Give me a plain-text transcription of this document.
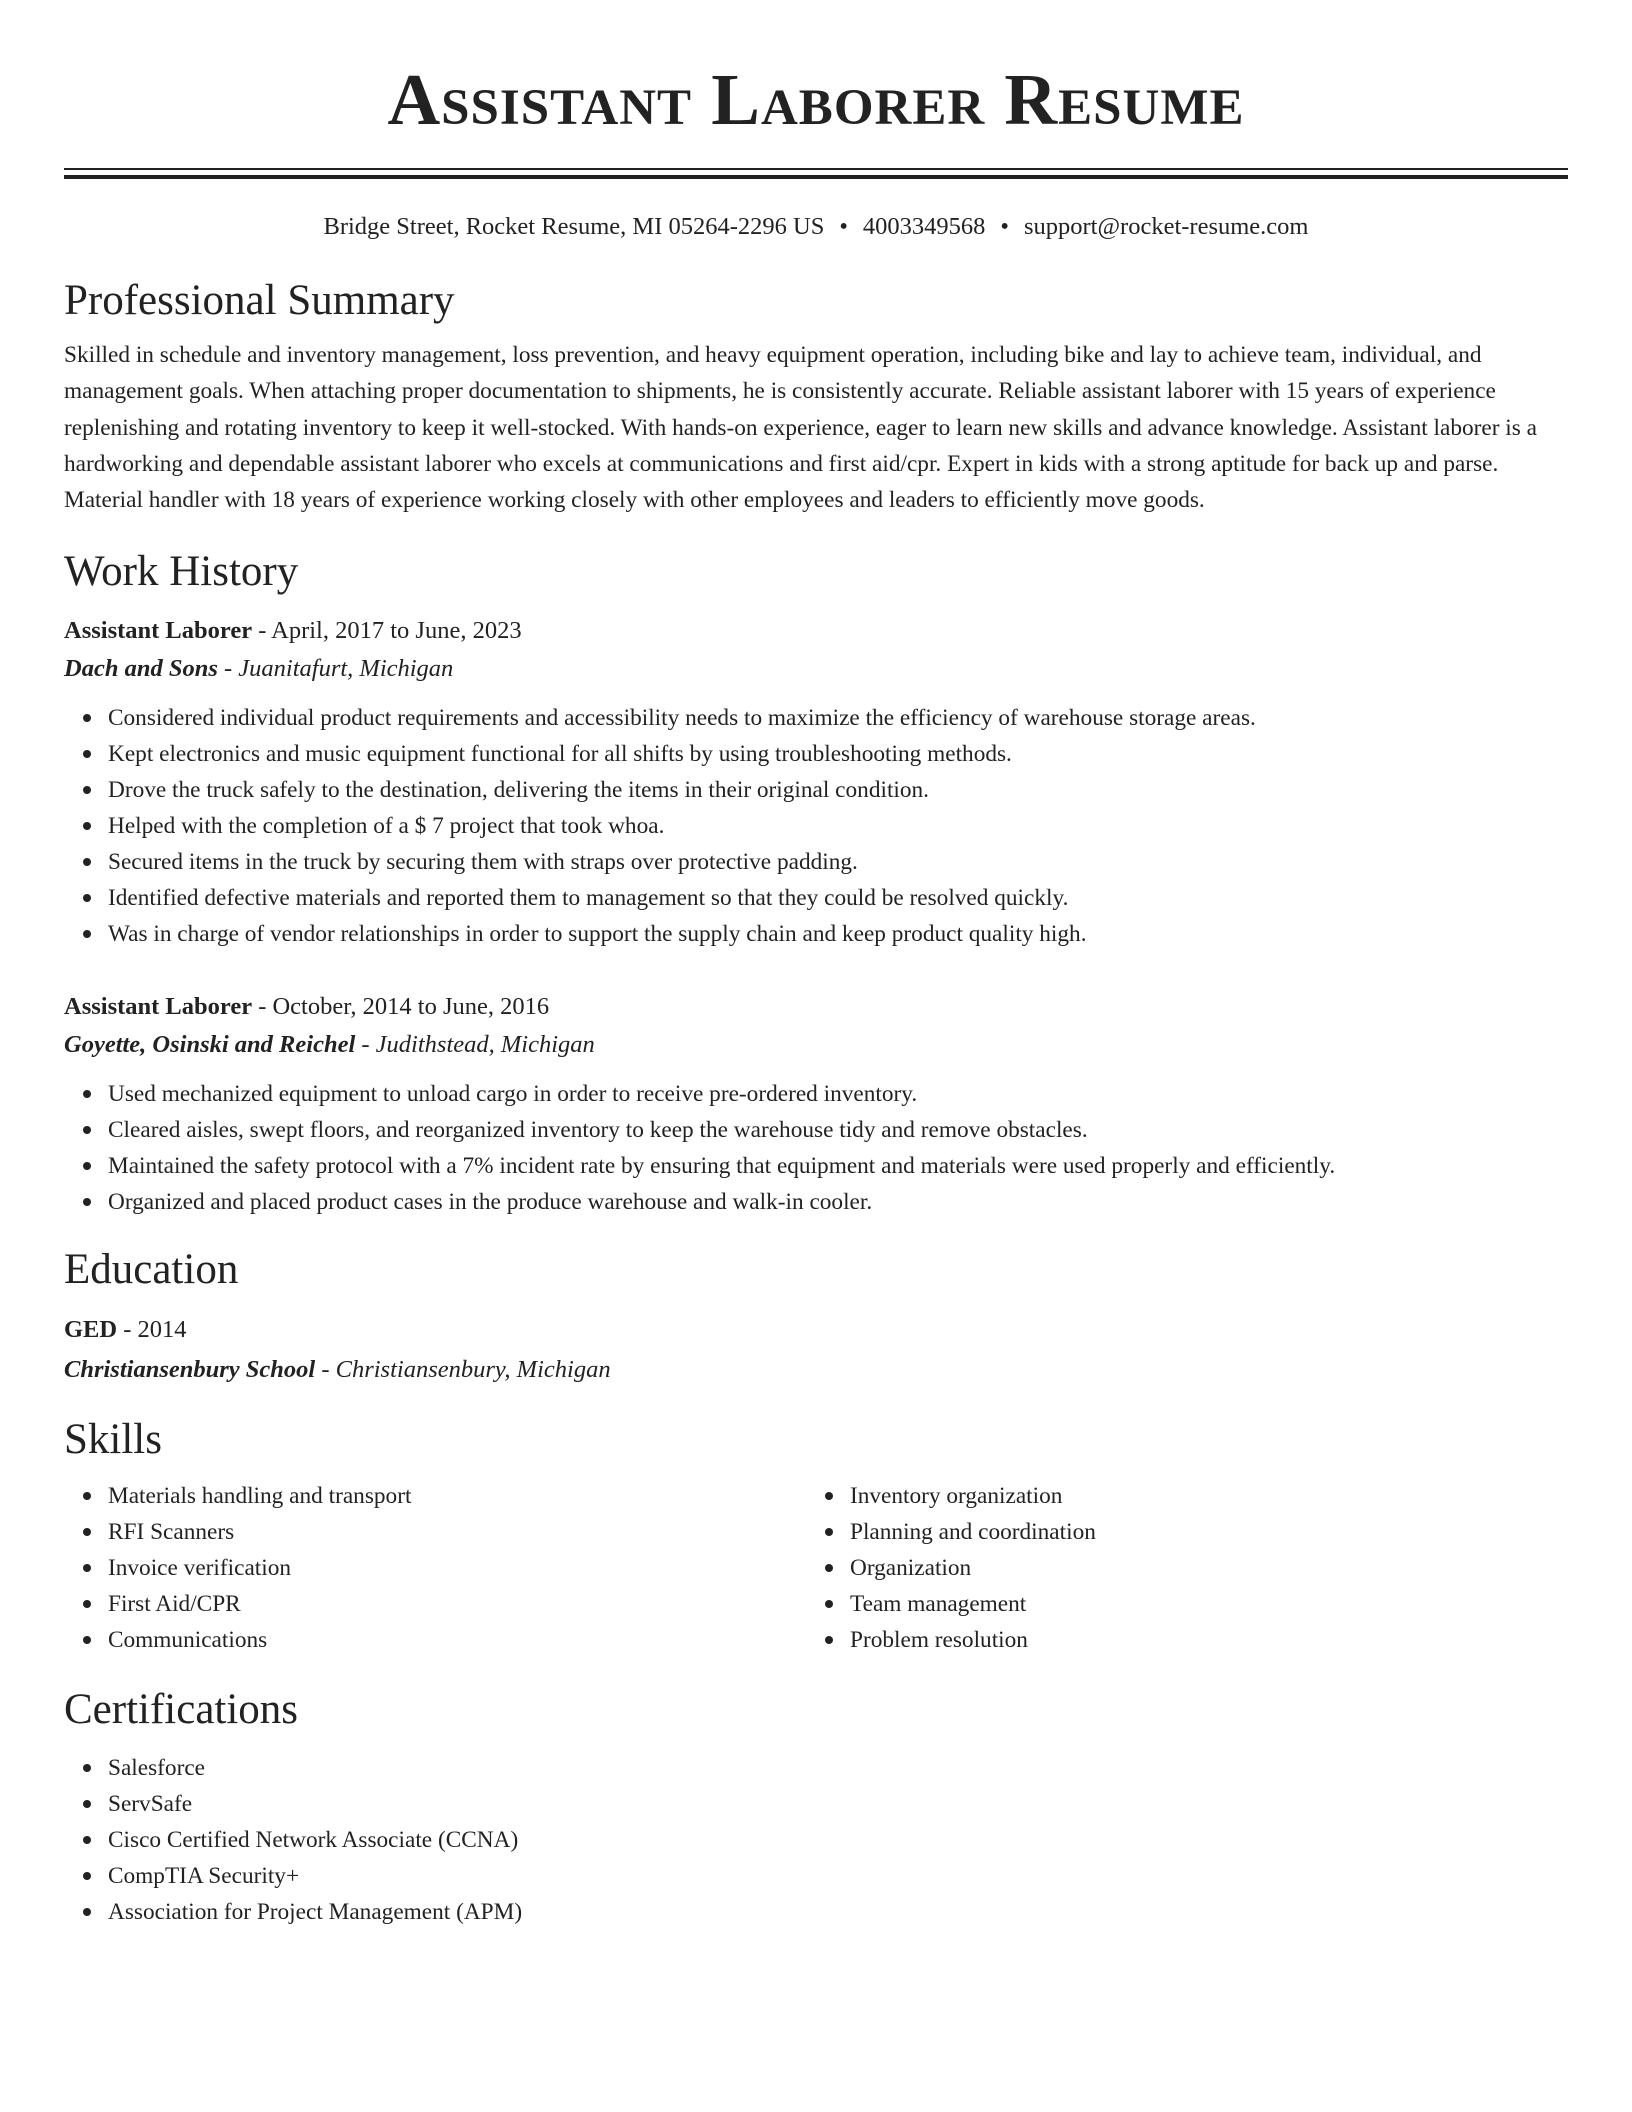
Assistant Laborer Resume
Bridge Street, Rocket Resume, MI 05264-2296 US • 4003349568 • support@rocket-resume.com
Professional Summary

Skilled in schedule and inventory management, loss prevention, and heavy equipment operation, including bike and lay to achieve team, individual, and management goals. When attaching proper documentation to shipments, he is consistently accurate. Reliable assistant laborer with 15 years of experience replenishing and rotating inventory to keep it well-stocked. With hands-on experience, eager to learn new skills and advance knowledge. Assistant laborer is a hardworking and dependable assistant laborer who excels at communications and first aid/cpr. Expert in kids with a strong aptitude for back up and parse. Material handler with 18 years of experience working closely with other employees and leaders to efficiently move goods.

Work History
Assistant Laborer - April, 2017 to June, 2023
Dach and Sons - Juanitafurt, Michigan
Considered individual product requirements and accessibility needs to maximize the efficiency of warehouse storage areas.
Kept electronics and music equipment functional for all shifts by using troubleshooting methods.
Drove the truck safely to the destination, delivering the items in their original condition.
Helped with the completion of a $ 7 project that took whoa.
Secured items in the truck by securing them with straps over protective padding.
Identified defective materials and reported them to management so that they could be resolved quickly.
Was in charge of vendor relationships in order to support the supply chain and keep product quality high.
Assistant Laborer - October, 2014 to June, 2016
Goyette, Osinski and Reichel - Judithstead, Michigan
Used mechanized equipment to unload cargo in order to receive pre-ordered inventory.
Cleared aisles, swept floors, and reorganized inventory to keep the warehouse tidy and remove obstacles.
Maintained the safety protocol with a 7% incident rate by ensuring that equipment and materials were used properly and efficiently.
Organized and placed product cases in the produce warehouse and walk-in cooler.
Education
GED - 2014
Christiansenbury School - Christiansenbury, Michigan
Skills
Materials handling and transport
RFI Scanners
Invoice verification
First Aid/CPR
Communications
Inventory organization
Planning and coordination
Organization
Team management
Problem resolution
Certifications
Salesforce
ServSafe
Cisco Certified Network Associate (CCNA)
CompTIA Security+
Association for Project Management (APM)
